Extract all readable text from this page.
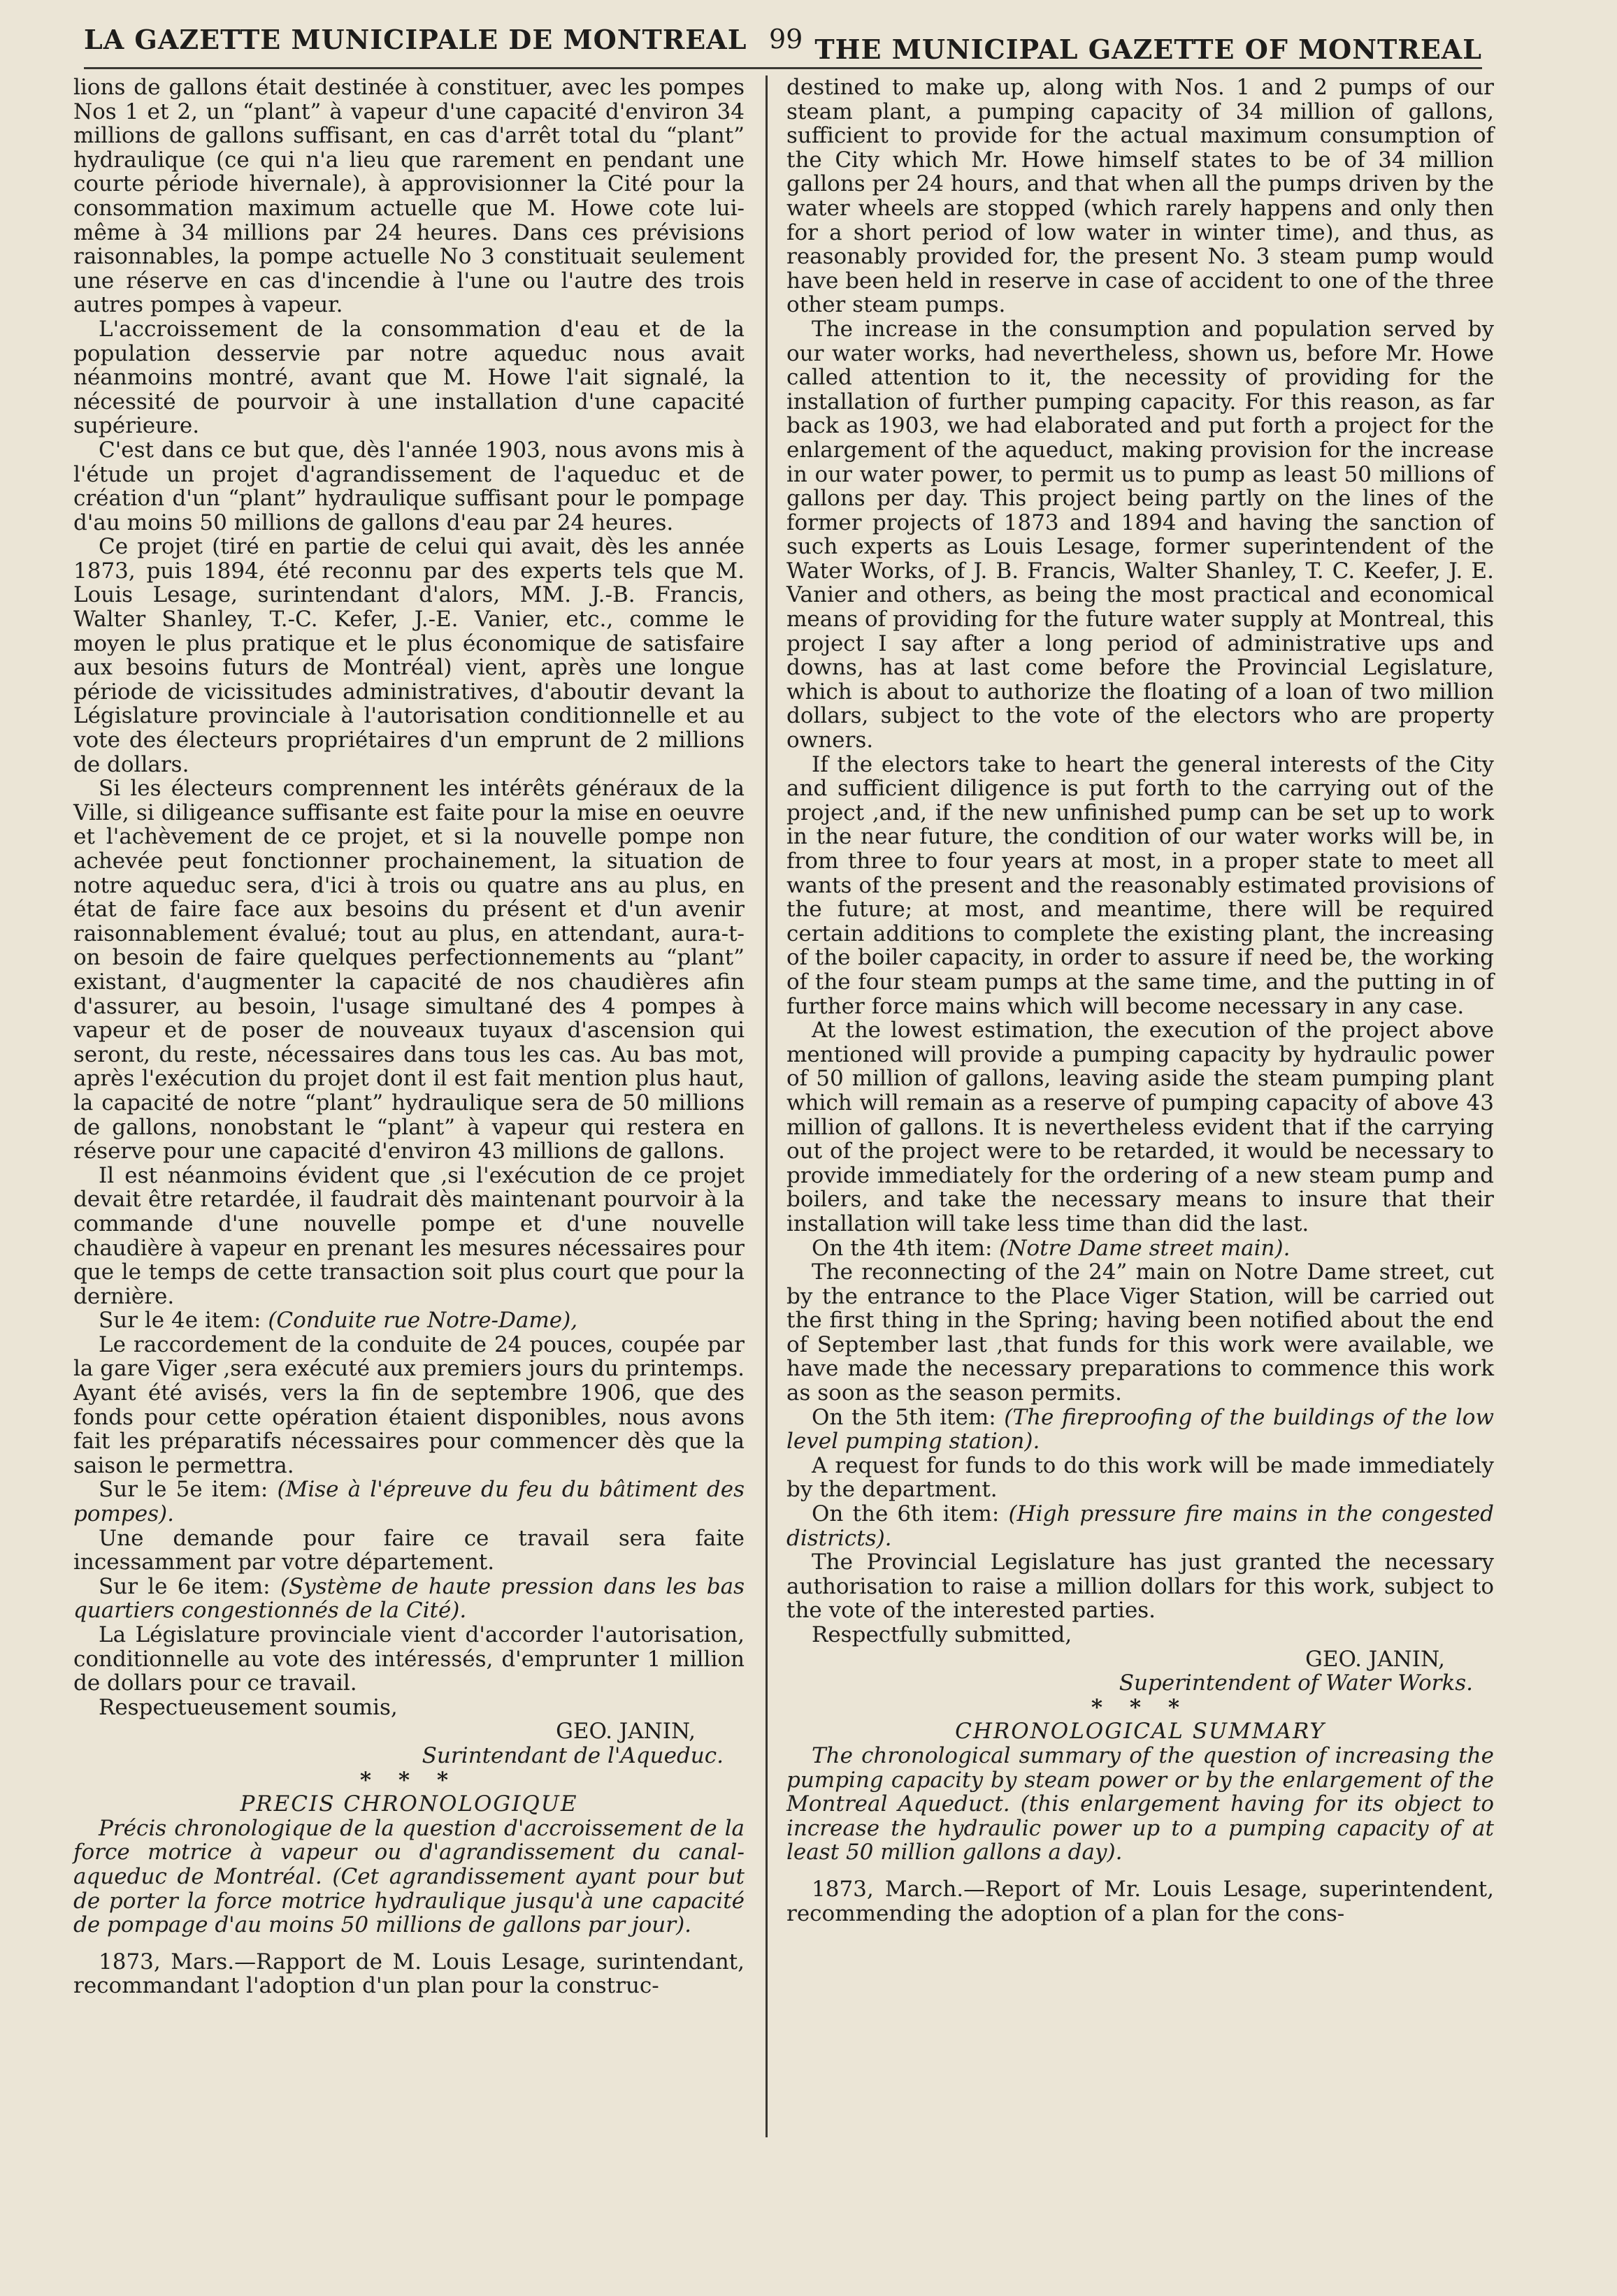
LA GAZETTE MUNICIPALE DE MONTREAL 99 THE MUNICIPAL GAZETTE OF MONTREAL

lions de gallons était destinée à constituer, avec les pompes Nos 1 et 2, un “plant” à vapeur d'une capacité d'environ 34 millions de gallons suffisant, en cas d'arrêt total du “plant” hydraulique (ce qui n'a lieu que rarement en pendant une courte période hivernale), à approvisionner la Cité pour la consommation maximum actuelle que M. Howe cote lui-même à 34 millions par 24 heures. Dans ces prévisions raisonnables, la pompe actuelle No 3 constituait seulement une réserve en cas d'incendie à l'une ou l'autre des trois autres pompes à vapeur.

L'accroissement de la consommation d'eau et de la population desservie par notre aqueduc nous avait néanmoins montré, avant que M. Howe l'ait signalé, la nécessité de pourvoir à une installation d'une capacité supérieure.

C'est dans ce but que, dès l'année 1903, nous avons mis à l'étude un projet d'agrandissement de l'aqueduc et de création d'un “plant” hydraulique suffisant pour le pompage d'au moins 50 millions de gallons d'eau par 24 heures.

Ce projet (tiré en partie de celui qui avait, dès les année 1873, puis 1894, été reconnu par des experts tels que M. Louis Lesage, surintendant d'alors, MM. J.-B. Francis, Walter Shanley, T.-C. Kefer, J.-E. Vanier, etc., comme le moyen le plus pratique et le plus économique de satisfaire aux besoins futurs de Montréal) vient, après une longue période de vicissitudes administratives, d'aboutir devant la Législature provinciale à l'autorisation conditionnelle et au vote des électeurs propriétaires d'un emprunt de 2 millions de dollars.

Si les électeurs comprennent les intérêts généraux de la Ville, si diligeance suffisante est faite pour la mise en oeuvre et l'achèvement de ce projet, et si la nouvelle pompe non achevée peut fonctionner prochainement, la situation de notre aqueduc sera, d'ici à trois ou quatre ans au plus, en état de faire face aux besoins du présent et d'un avenir raisonnablement évalué; tout au plus, en attendant, aura-t-on besoin de faire quelques perfectionnements au “plant” existant, d'augmenter la capacité de nos chaudières afin d'assurer, au besoin, l'usage simultané des 4 pompes à vapeur et de poser de nouveaux tuyaux d'ascension qui seront, du reste, nécessaires dans tous les cas. Au bas mot, après l'exécution du projet dont il est fait mention plus haut, la capacité de notre “plant” hydraulique sera de 50 millions de gallons, nonobstant le “plant” à vapeur qui restera en réserve pour une capacité d'environ 43 millions de gallons.

Il est néanmoins évident que ,si l'exécution de ce projet devait être retardée, il faudrait dès maintenant pourvoir à la commande d'une nouvelle pompe et d'une nouvelle chaudière à vapeur en prenant les mesures nécessaires pour que le temps de cette transaction soit plus court que pour la dernière.

Sur le 4e item: (Conduite rue Notre-Dame),

Le raccordement de la conduite de 24 pouces, coupée par la gare Viger ,sera exécuté aux premiers jours du printemps. Ayant été avisés, vers la fin de septembre 1906, que des fonds pour cette opération étaient disponibles, nous avons fait les préparatifs nécessaires pour commencer dès que la saison le permettra.

Sur le 5e item: (Mise à l'épreuve du feu du bâtiment des pompes).

Une demande pour faire ce travail sera faite incessamment par votre département.

Sur le 6e item: (Système de haute pression dans les bas quartiers congestionnés de la Cité).

La Législature provinciale vient d'accorder l'autorisation, conditionnelle au vote des intéressés, d'emprunter 1 million de dollars pour ce travail.

Respectueusement soumis,

GEO. JANIN,

Surintendant de l'Aqueduc.

* * *

PRECIS CHRONOLOGIQUE

Précis chronologique de la question d'accroissement de la force motrice à vapeur ou d'agrandissement du canal-aqueduc de Montréal. (Cet agrandissement ayant pour but de porter la force motrice hydraulique jusqu'à une capacité de pompage d'au moins 50 millions de gallons par jour).

1873, Mars.—Rapport de M. Louis Lesage, surintendant, recommandant l'adoption d'un plan pour la construc-

destined to make up, along with Nos. 1 and 2 pumps of our steam plant, a pumping capacity of 34 million of gallons, sufficient to provide for the actual maximum consumption of the City which Mr. Howe himself states to be of 34 million gallons per 24 hours, and that when all the pumps driven by the water wheels are stopped (which rarely happens and only then for a short period of low water in winter time), and thus, as reasonably provided for, the present No. 3 steam pump would have been held in reserve in case of accident to one of the three other steam pumps.

The increase in the consumption and population served by our water works, had nevertheless, shown us, before Mr. Howe called attention to it, the necessity of providing for the installation of further pumping capacity. For this reason, as far back as 1903, we had elaborated and put forth a project for the enlargement of the aqueduct, making provision for the increase in our water power, to permit us to pump as least 50 millions of gallons per day. This project being partly on the lines of the former projects of 1873 and 1894 and having the sanction of such experts as Louis Lesage, former superintendent of the Water Works, of J. B. Francis, Walter Shanley, T. C. Keefer, J. E. Vanier and others, as being the most practical and economical means of providing for the future water supply at Montreal, this project I say after a long period of administrative ups and downs, has at last come before the Provincial Legislature, which is about to authorize the floating of a loan of two million dollars, subject to the vote of the electors who are property owners.

If the electors take to heart the general interests of the City and sufficient diligence is put forth to the carrying out of the project ,and, if the new unfinished pump can be set up to work in the near future, the condition of our water works will be, in from three to four years at most, in a proper state to meet all wants of the present and the reasonably estimated provisions of the future; at most, and meantime, there will be required certain additions to complete the existing plant, the increasing of the boiler capacity, in order to assure if need be, the working of the four steam pumps at the same time, and the putting in of further force mains which will become necessary in any case.

At the lowest estimation, the execution of the project above mentioned will provide a pumping capacity by hydraulic power of 50 million of gallons, leaving aside the steam pumping plant which will remain as a reserve of pumping capacity of above 43 million of gallons. It is nevertheless evident that if the carrying out of the project were to be retarded, it would be necessary to provide immediately for the ordering of a new steam pump and boilers, and take the necessary means to insure that their installation will take less time than did the last.

On the 4th item: (Notre Dame street main).

The reconnecting of the 24” main on Notre Dame street, cut by the entrance to the Place Viger Station, will be carried out the first thing in the Spring; having been notified about the end of September last ,that funds for this work were available, we have made the necessary preparations to commence this work as soon as the season permits.

On the 5th item: (The fireproofing of the buildings of the low level pumping station).

A request for funds to do this work will be made immediately by the department.

On the 6th item: (High pressure fire mains in the congested districts).

The Provincial Legislature has just granted the necessary authorisation to raise a million dollars for this work, subject to the vote of the interested parties.

Respectfully submitted,

GEO. JANIN,

Superintendent of Water Works.

* * *

CHRONOLOGICAL SUMMARY

The chronological summary of the question of increasing the pumping capacity by steam power or by the enlargement of the Montreal Aqueduct. (this enlargement having for its object to increase the hydraulic power up to a pumping capacity of at least 50 million gallons a day).

1873, March.—Report of Mr. Louis Lesage, superintendent, recommending the adoption of a plan for the cons-
